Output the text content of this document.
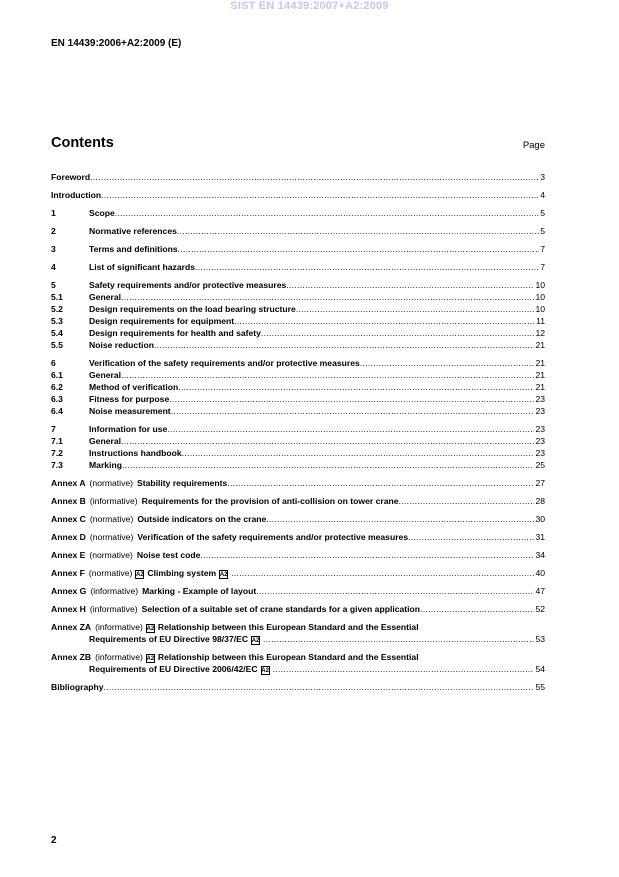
SIST EN 14439:2007+A2:2009
EN 14439:2006+A2:2009 (E)
Contents	Page
Foreword .....	3
Introduction .....	4
1	Scope .....	5
2	Normative references .....	5
3	Terms and definitions .....	7
4	List of significant hazards .....	7
5	Safety requirements and/or protective measures .....	10
5.1	General .....	10
5.2	Design requirements on the load bearing structure .....	10
5.3	Design requirements for equipment .....	11
5.4	Design requirements for health and safety .....	12
5.5	Noise reduction .....	21
6	Verification of the safety requirements and/or protective measures .....	21
6.1	General .....	21
6.2	Method of verification .....	21
6.3	Fitness for purpose .....	23
6.4	Noise measurement .....	23
7	Information for use .....	23
7.1	General .....	23
7.2	Instructions handbook .....	23
7.3	Marking .....	25
Annex A (normative) Stability requirements .....	27
Annex B (informative) Requirements for the provision of anti-collision on tower crane .....	28
Annex C (normative) Outside indicators on the crane .....	30
Annex D (normative) Verification of the safety requirements and/or protective measures .....	31
Annex E (normative) Noise test code .....	34
Annex F (normative) A2 Climbing system A2 .....	40
Annex G (informative) Marking - Example of layout .....	47
Annex H (informative) Selection of a suitable set of crane standards for a given application .....	52
Annex ZA (informative) A2 Relationship between this European Standard and the Essential
Requirements of EU Directive 98/37/EC A2 .....	53
Annex ZB (informative) A2 Relationship between this European Standard and the Essential
Requirements of EU Directive 2006/42/EC A2 .....	54
Bibliography .....	55
2
